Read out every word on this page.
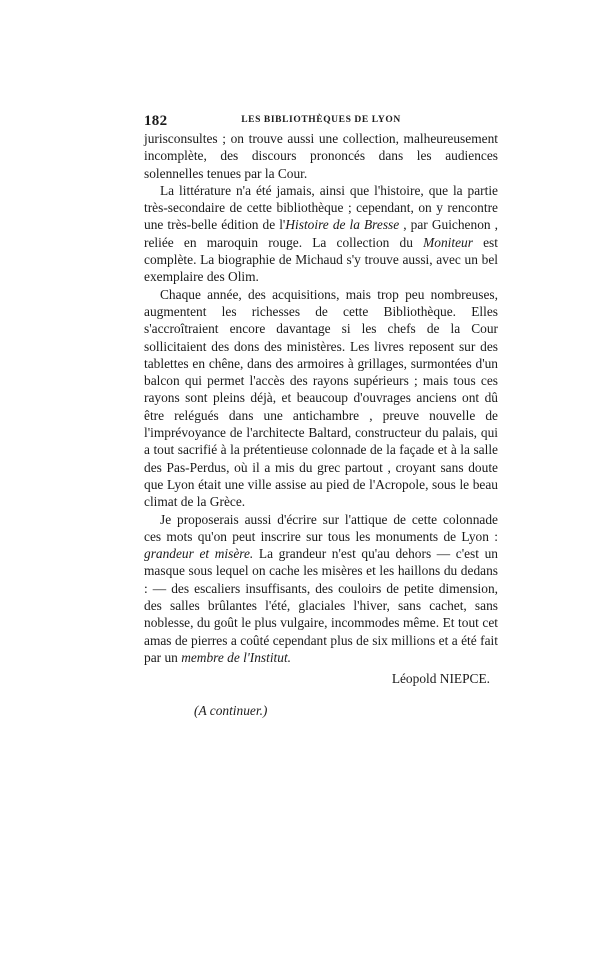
182	LES BIBLIOTHÈQUES DE LYON

jurisconsultes ; on trouve aussi une collection, malheureusement incomplète, des discours prononcés dans les audiences solennelles tenues par la Cour.

La littérature n'a été jamais, ainsi que l'histoire, que la partie très-secondaire de cette bibliothèque ; cependant, on y rencontre une très-belle édition de l'Histoire de la Bresse , par Guichenon , reliée en maroquin rouge. La collection du Moniteur est complète. La biographie de Michaud s'y trouve aussi, avec un bel exemplaire des Olim.

Chaque année, des acquisitions, mais trop peu nombreuses, augmentent les richesses de cette Bibliothèque. Elles s'accroîtraient encore davantage si les chefs de la Cour sollicitaient des dons des ministères. Les livres reposent sur des tablettes en chêne, dans des armoires à grillages, surmontées d'un balcon qui permet l'accès des rayons supérieurs ; mais tous ces rayons sont pleins déjà, et beaucoup d'ouvrages anciens ont dû être relégués dans une antichambre , preuve nouvelle de l'imprévoyance de l'architecte Baltard, constructeur du palais, qui a tout sacrifié à la prétentieuse colonnade de la façade et à la salle des Pas-Perdus, où il a mis du grec partout , croyant sans doute que Lyon était une ville assise au pied de l'Acropole, sous le beau climat de la Grèce.

Je proposerais aussi d'écrire sur l'attique de cette colonnade ces mots qu'on peut inscrire sur tous les monuments de Lyon : grandeur et misère. La grandeur n'est qu'au dehors — c'est un masque sous lequel on cache les misères et les haillons du dedans : — des escaliers insuffisants, des couloirs de petite dimension, des salles brûlantes l'été, glaciales l'hiver, sans cachet, sans noblesse, du goût le plus vulgaire, incommodes même. Et tout cet amas de pierres a coûté cependant plus de six millions et a été fait par un membre de l'Institut.

Léopold NIEPCE.
(A continuer.)
